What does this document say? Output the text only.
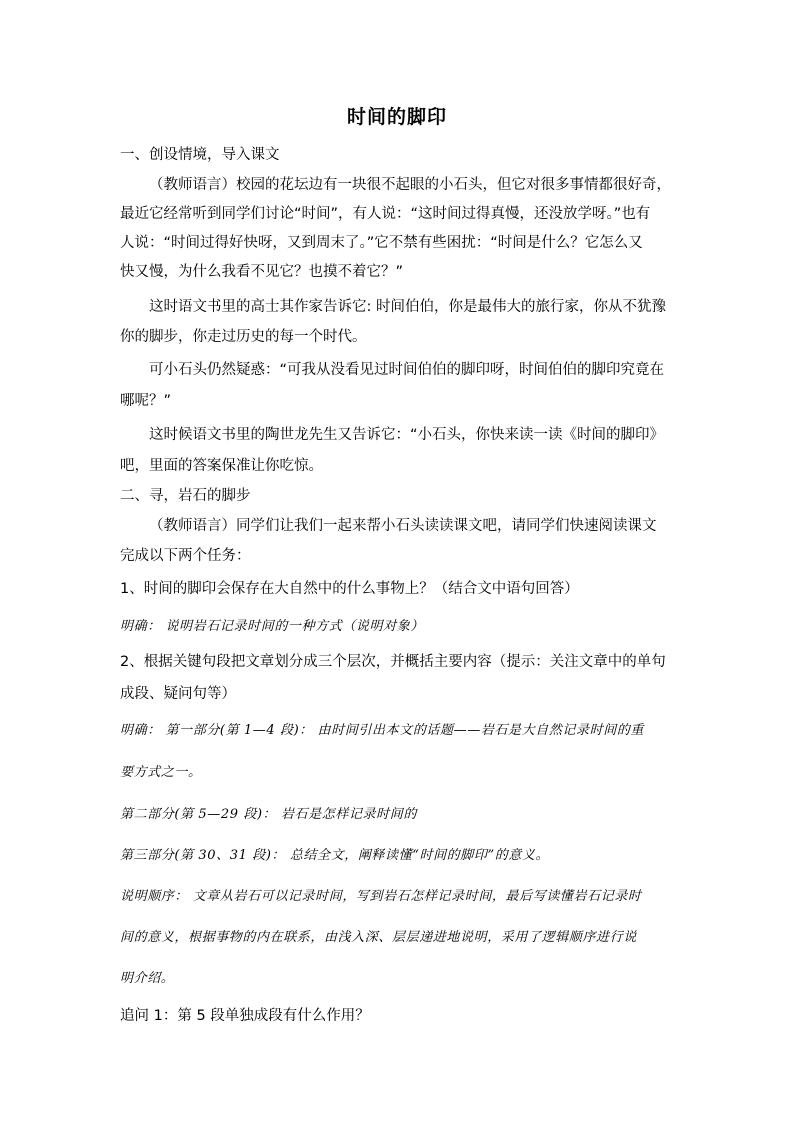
时间的脚印
一、创设情境，导入课文
（教师语言）校园的花坛边有一块很不起眼的小石头，但它对很多事情都很好奇，
最近它经常听到同学们讨论“时间”，有人说：“这时间过得真慢，还没放学呀。”也有
人说：“时间过得好快呀，又到周末了。”它不禁有些困扰：“时间是什么？它怎么又
快又慢，为什么我看不见它？也摸不着它？”
这时语文书里的高士其作家告诉它: 时间伯伯，你是最伟大的旅行家，你从不犹豫
你的脚步，你走过历史的每一个时代。
可小石头仍然疑惑：“可我从没看见过时间伯伯的脚印呀，时间伯伯的脚印究竟在
哪呢？”
这时候语文书里的陶世龙先生又告诉它：“小石头，你快来读一读《时间的脚印》
吧，里面的答案保准让你吃惊。
二、寻，岩石的脚步
（教师语言）同学们让我们一起来帮小石头读读课文吧，请同学们快速阅读课文
完成以下两个任务：
1、时间的脚印会保存在大自然中的什么事物上？（结合文中语句回答）
明确： 说明岩石记录时间的一种方式（说明对象）
2、根据关键句段把文章划分成三个层次，并概括主要内容（提示：关注文章中的单句
成段、疑问句等）
明确： 第一部分(第 1—4 段)： 由时间引出本文的话题——岩石是大自然记录时间的重
要方式之一。
第二部分(第 5—29 段)： 岩石是怎样记录时间的
第三部分(第 30、31 段)： 总结全文，阐释读懂“时间的脚印”的意义。
说明顺序： 文章从岩石可以记录时间，写到岩石怎样记录时间，最后写读懂岩石记录时
间的意义，根据事物的内在联系，由浅入深、层层递进地说明，采用了逻辑顺序进行说
明介绍。
追问 1：第 5 段单独成段有什么作用？
